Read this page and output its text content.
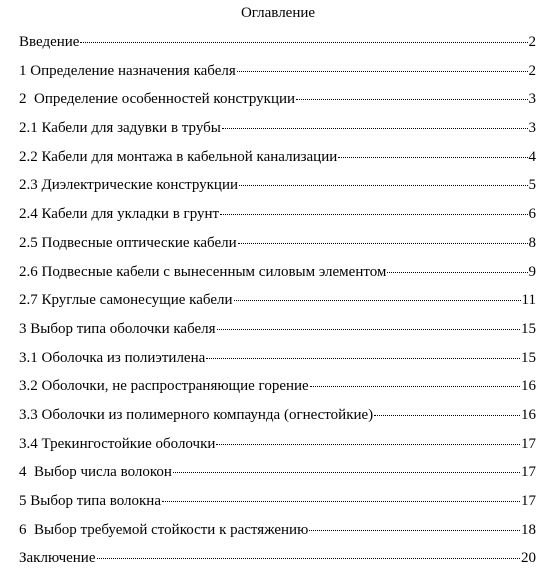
Оглавление
Введение	2
1 Определение назначения кабеля	2
2  Определение особенностей конструкции	3
2.1 Кабели для задувки в трубы	3
2.2 Кабели для монтажа в кабельной канализации	4
2.3 Диэлектрические конструкции	5
2.4 Кабели для укладки в грунт	6
2.5 Подвесные оптические кабели	8
2.6 Подвесные кабели с вынесенным силовым элементом	9
2.7 Круглые самонесущие кабели	11
3 Выбор типа оболочки кабеля	15
3.1 Оболочка из полиэтилена	15
3.2 Оболочки, не распространяющие горение	16
3.3 Оболочки из полимерного компаунда (огнестойкие)	16
3.4 Трекингостойкие оболочки	17
4  Выбор числа волокон	17
5 Выбор типа волокна	17
6  Выбор требуемой стойкости к растяжению	18
Заключение	20
